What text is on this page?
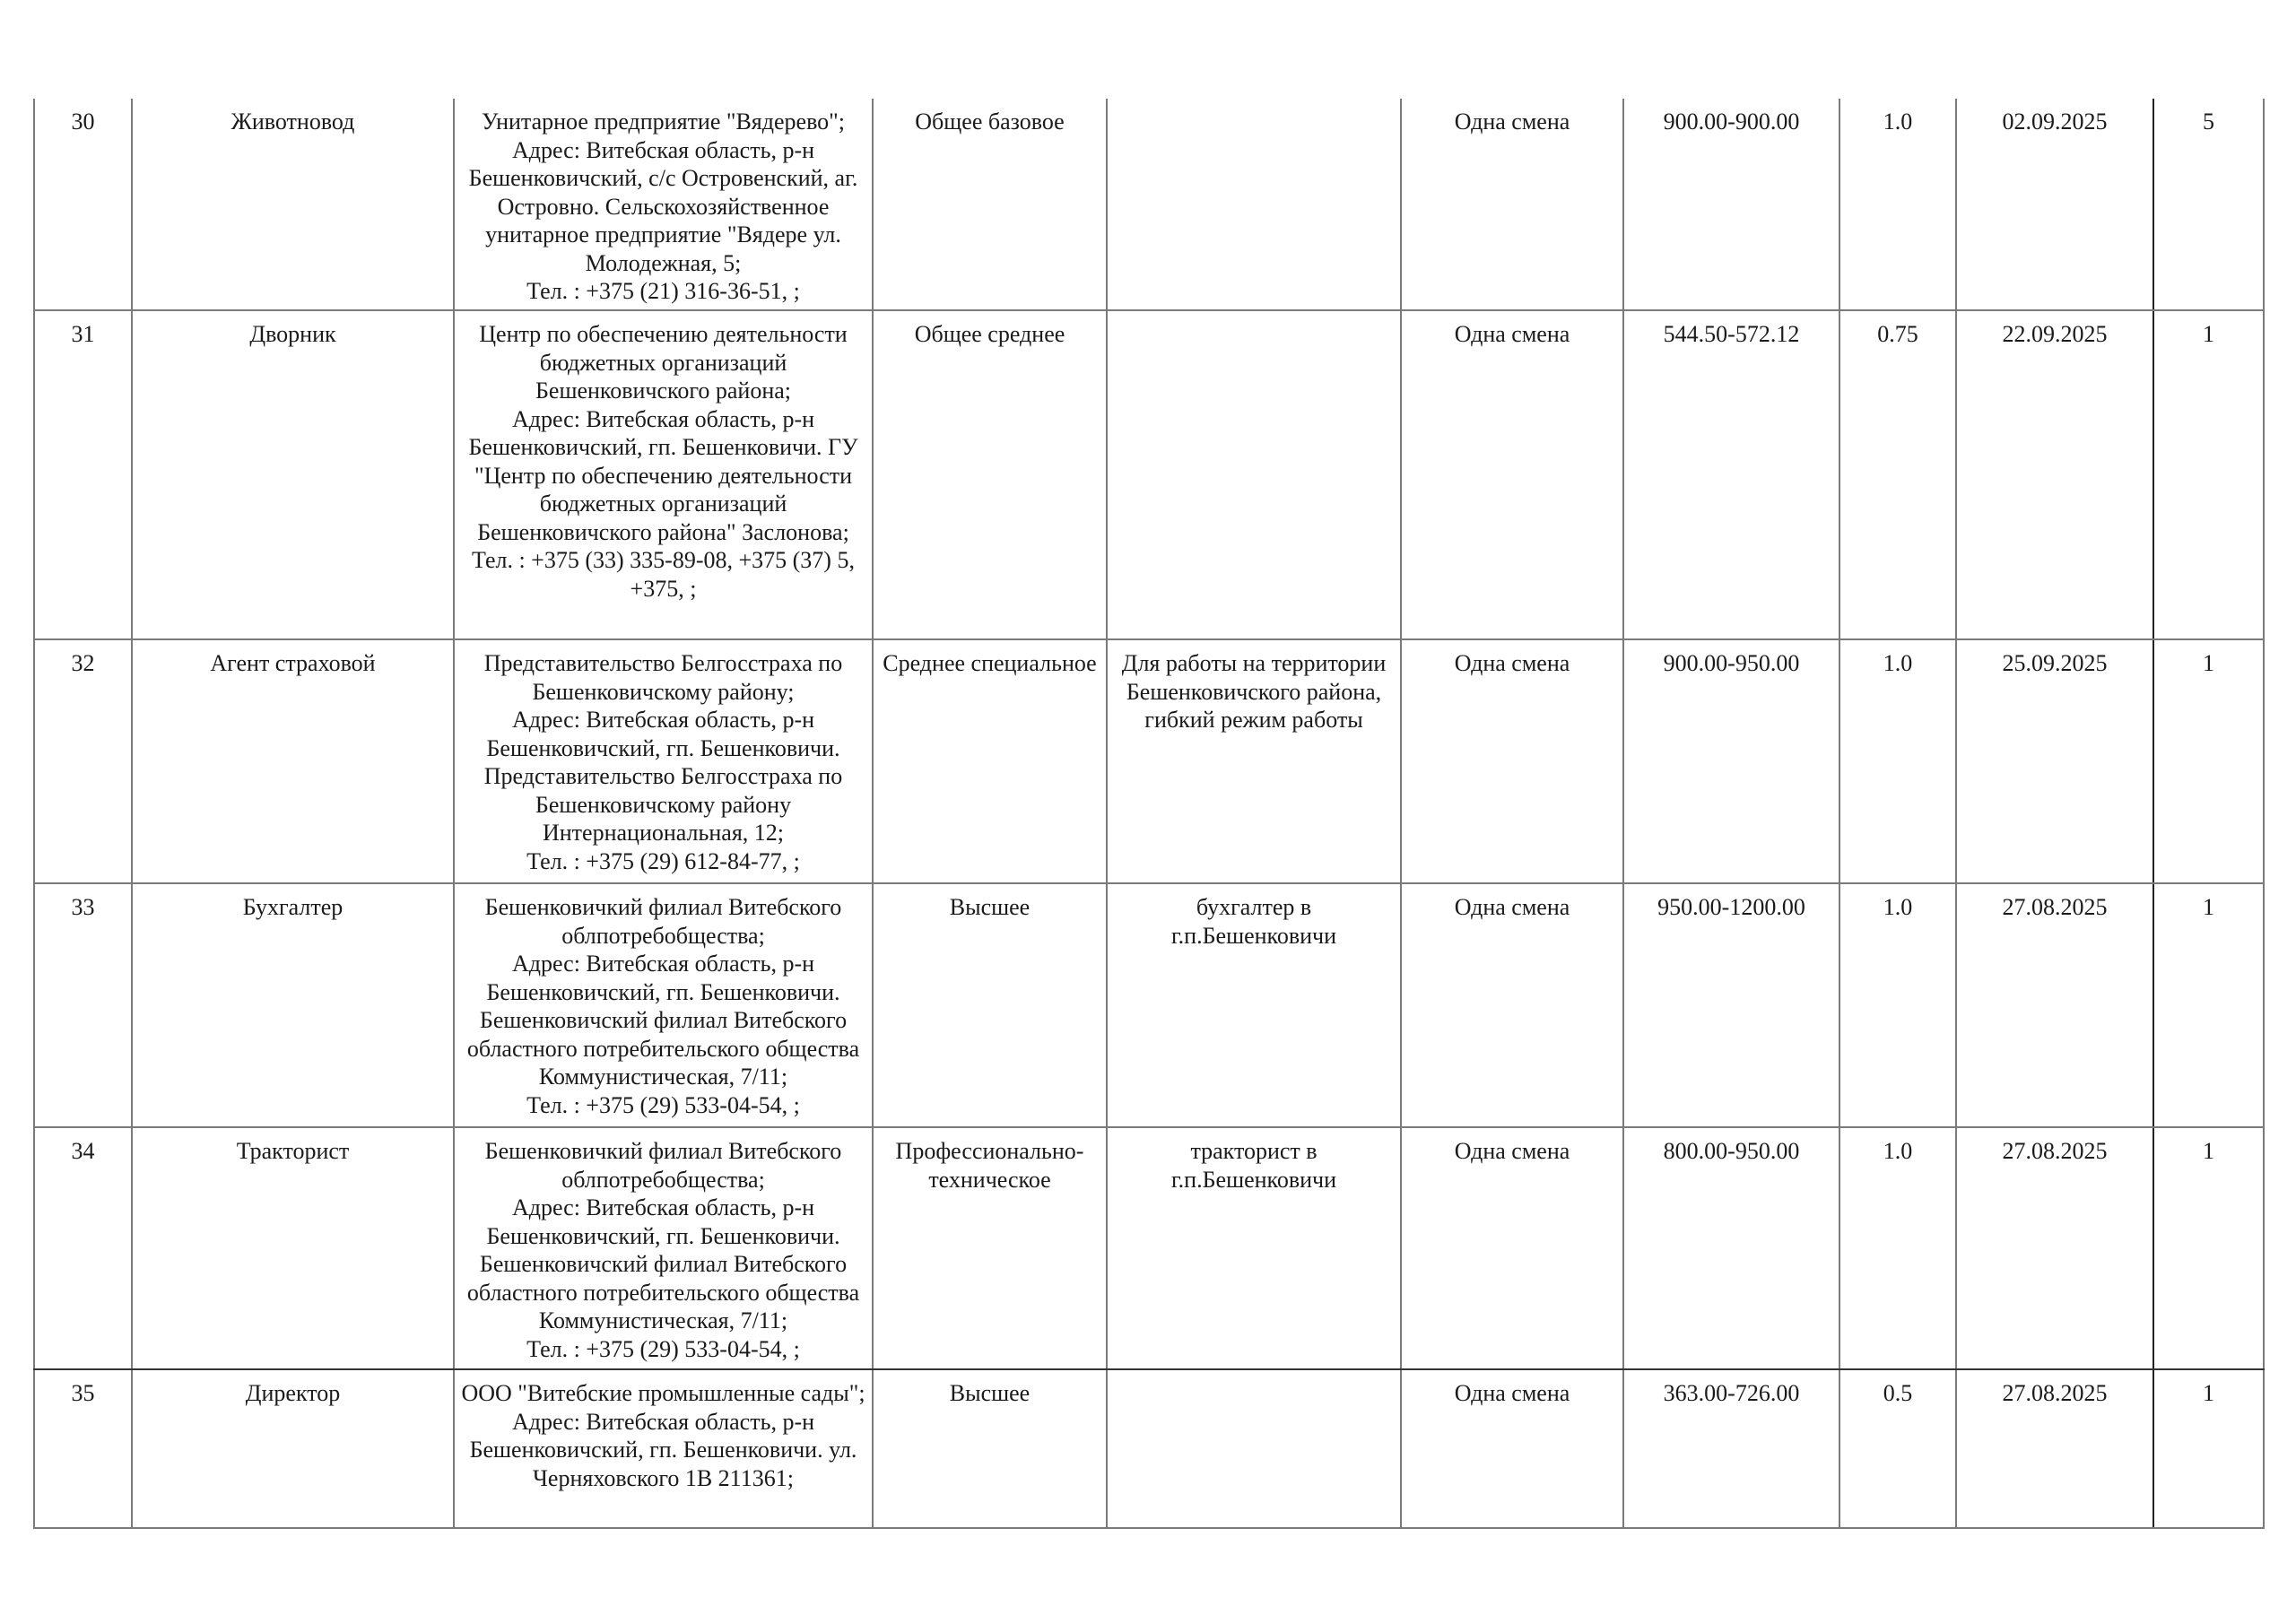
30	Животновод	Унитарное предприятие "Вядерево";
Адрес: Витебская область, р-н Бешенковичский, с/с Островенский, аг. Островно. Сельскохозяйственное унитарное предприятие "Вядере ул. Молодежная, 5;
Тел. : +375 (21) 316-36-51, ;	Общее базовое		Одна смена	900.00-900.00	1.0	02.09.2025	5
31	Дворник	Центр по обеспечению деятельности бюджетных организаций Бешенковичского района;
Адрес: Витебская область, р-н Бешенковичский, гп. Бешенковичи. ГУ "Центр по обеспечению деятельности бюджетных организаций Бешенковичского района" Заслонова;
Тел. : +375 (33) 335-89-08, +375 (37) 5, +375, ;	Общее среднее		Одна смена	544.50-572.12	0.75	22.09.2025	1
32	Агент страховой	Представительство Белгосстраха по Бешенковичскому району;
Адрес: Витебская область, р-н Бешенковичский, гп. Бешенковичи. Представительство Белгосстраха по Бешенковичскому району Интернациональная, 12;
Тел. : +375 (29) 612-84-77, ;	Среднее специальное	Для работы на территории Бешенковичского района, гибкий режим работы	Одна смена	900.00-950.00	1.0	25.09.2025	1
33	Бухгалтер	Бешенковичкий филиал Витебского облпотребобщества;
Адрес: Витебская область, р-н Бешенковичский, гп. Бешенковичи. Бешенковичский филиал Витебского областного потребительского общества Коммунистическая, 7/11;
Тел. : +375 (29) 533-04-54, ;	Высшее	бухгалтер в г.п.Бешенковичи	Одна смена	950.00-1200.00	1.0	27.08.2025	1
34	Тракторист	Бешенковичкий филиал Витебского облпотребобщества;
Адрес: Витебская область, р-н Бешенковичский, гп. Бешенковичи. Бешенковичский филиал Витебского областного потребительского общества Коммунистическая, 7/11;
Тел. : +375 (29) 533-04-54, ;	Профессионально-техническое	тракторист в г.п.Бешенковичи	Одна смена	800.00-950.00	1.0	27.08.2025	1
35	Директор	ООО "Витебские промышленные сады";
Адрес: Витебская область, р-н Бешенковичский, гп. Бешенковичи. ул. Черняховского 1В 211361;	Высшее		Одна смена	363.00-726.00	0.5	27.08.2025	1
